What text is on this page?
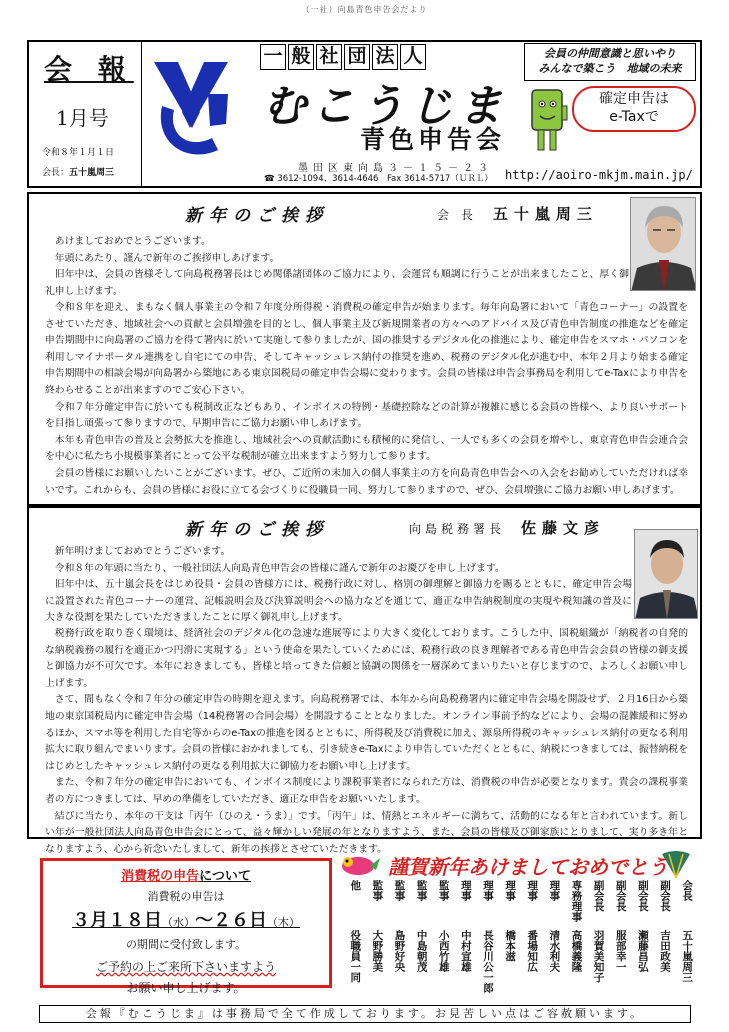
（一社）向島青色申告会だより
会 報
1月号
令和８年１月１日
会長：五十嵐周三
一 般 社 団 法 人
むこうじま
青色申告会
墨田区東向島３－１５－２３
☎ 3612-1094、3614-4646　Fax 3614-5717（ＵＲＬ） http://aoiro-mkjm.main.jp/
会員の仲間意識と思いやり
みんなで築こう　地域の未来
確定申告は
e-Taxで
新年のご挨拶	会 長　 五十嵐周三

あけましておめでとうございます。

年頭にあたり、謹んで新年のご挨拶申しあげます。

旧年中は、会員の皆様そして向島税務署長はじめ関係諸団体のご協力により、会運営も順調に行うことが出来ましたこと、厚く御礼申し上げます。

令和８年を迎え、まもなく個人事業主の令和７年度分所得税・消費税の確定申告が始まります。毎年向島署において「青色コーナー」の設置をさせていただき、地域社会への貢献と会員増強を目的とし、個人事業主及び新規開業者の方々へのアドバイス及び青色申告制度の推進などを確定申告期間中に向島署のご協力を得て署内に於いて実施して参りましたが、国の推奨するデジタル化の推進により、確定申告をスマホ・パソコンを利用しマイナポータル連携をし自宅にての申告、そしてキャッシュレス納付の推奨を進め、税務のデジタル化が進む中、本年２月より始まる確定申告期間中の相談会場が向島署から築地にある東京国税局の確定申告会場に変わります。会員の皆様は申告会事務局を利用してe-Taxにより申告を終わらせることが出来ますのでご安心下さい。

令和７年分確定申告に於いても税制改正などもあり、インボイスの特例・基礎控除などの計算が複雑に感じる会員の皆様へ、より良いサポートを目指し頑張って参りますので、早期申告にご協力お願い申しあげます。

本年も青色申告の普及と会勢拡大を推進し、地域社会への貢献活動にも積極的に発信し、一人でも多くの会員を増やし、東京青色申告会連合会を中心に私たち小規模事業者にとって公平な税制が確立出来ますよう努力して参ります。

会員の皆様にお願いしたいことがございます。ぜひ、ご近所の未加入の個人事業主の方を向島青色申告会への入会をお勧めしていただければ幸いです。これからも、会員の皆様にお役に立てる会づくりに役職員一同、努力して参りますので、ぜひ、会員増強にご協力お願い申しあげます。

新年のご挨拶	向島税務署長　 佐藤文彦

新年明けましておめでとうございます。

令和８年の年頭に当たり、一般社団法人向島青色申告会の皆様に謹んで新年のお慶びを申し上げます。

旧年中は、五十嵐会長をはじめ役員・会員の皆様方には、税務行政に対し、格別の御理解と御協力を賜るとともに、確定申告会場に設置された青色コーナーの運営、記帳説明会及び決算説明会への協力などを通じて、適正な申告納税制度の実現や税知識の普及に大きな役割を果たしていただきましたことに厚く御礼申し上げます。

税務行政を取り巻く環境は、経済社会のデジタル化の急速な進展等により大きく変化しております。こうした中、国税組織が「納税者の自発的な納税義務の履行を適正かつ円滑に実現する」という使命を果たしていくためには、税務行政の良き理解者である青色申告会会員の皆様の御支援と御協力が不可欠です。本年におきましても、皆様と培ってきた信頼と協調の関係を一層深めてまいりたいと存じますので、よろしくお願い申し上げます。

さて、間もなく令和７年分の確定申告の時期を迎えます。向島税務署では、本年から向島税務署内に確定申告会場を開設せず、２月16日から築地の東京国税局内に確定申告会場（14税務署の合同会場）を開設することとなりました。オンライン事前予約などにより、会場の混雑緩和に努めるほか、スマホ等を利用した自宅等からのe-Taxの推進を図るとともに、所得税及び消費税に加え、源泉所得税のキャッシュレス納付の更なる利用拡大に取り組んでまいります。会員の皆様におかれましても、引き続きe-Taxにより申告していただくとともに、納税につきましては、振替納税をはじめとしたキャッシュレス納付の更なる利用拡大に御協力をお願い申し上げます。

また、令和７年分の確定申告においても、インボイス制度により課税事業者になられた方は、消費税の申告が必要となります。貴会の課税事業者の方につきましては、早めの準備をしていただき、適正な申告をお願いいたします。

結びに当たり、本年の干支は「丙午（ひのえ・うま）」です。「丙午」は、情熱とエネルギーに満ちて、活動的になる年と言われています。新しい年が一般社団法人向島青色申告会にとって、益々輝かしい発展の年となりますよう、また、会員の皆様及び御家族にとりまして、実り多き年となりますよう、心から祈念いたしまして、新年の挨拶とさせていただきます。

消費税の申告について
消費税の申告は
３月１８日（水）～２６日（木）
の期間に受付致します。
ご予約の上ご来所下さいますよう
お願い申し上げます。
謹賀新年あけましておめでとう
会長
五十嵐周三
副会長
吉田政美
副会長
瀬藤昌弘
副会長
服部幸一
副会長
羽賀美知子
専務理事
高橋義隆
理事
清水利夫
理事
番場知広
理事
橋本滋
理事
長谷川公一郎
理事
中村宣雄
監事
小西竹雄
監事
中島朝茂
監事
島野好央
監事
大野勝美
他
役職員一同
会報『むこうじま』は事務局で全て作成しております。お見苦しい点はご容赦願います。
